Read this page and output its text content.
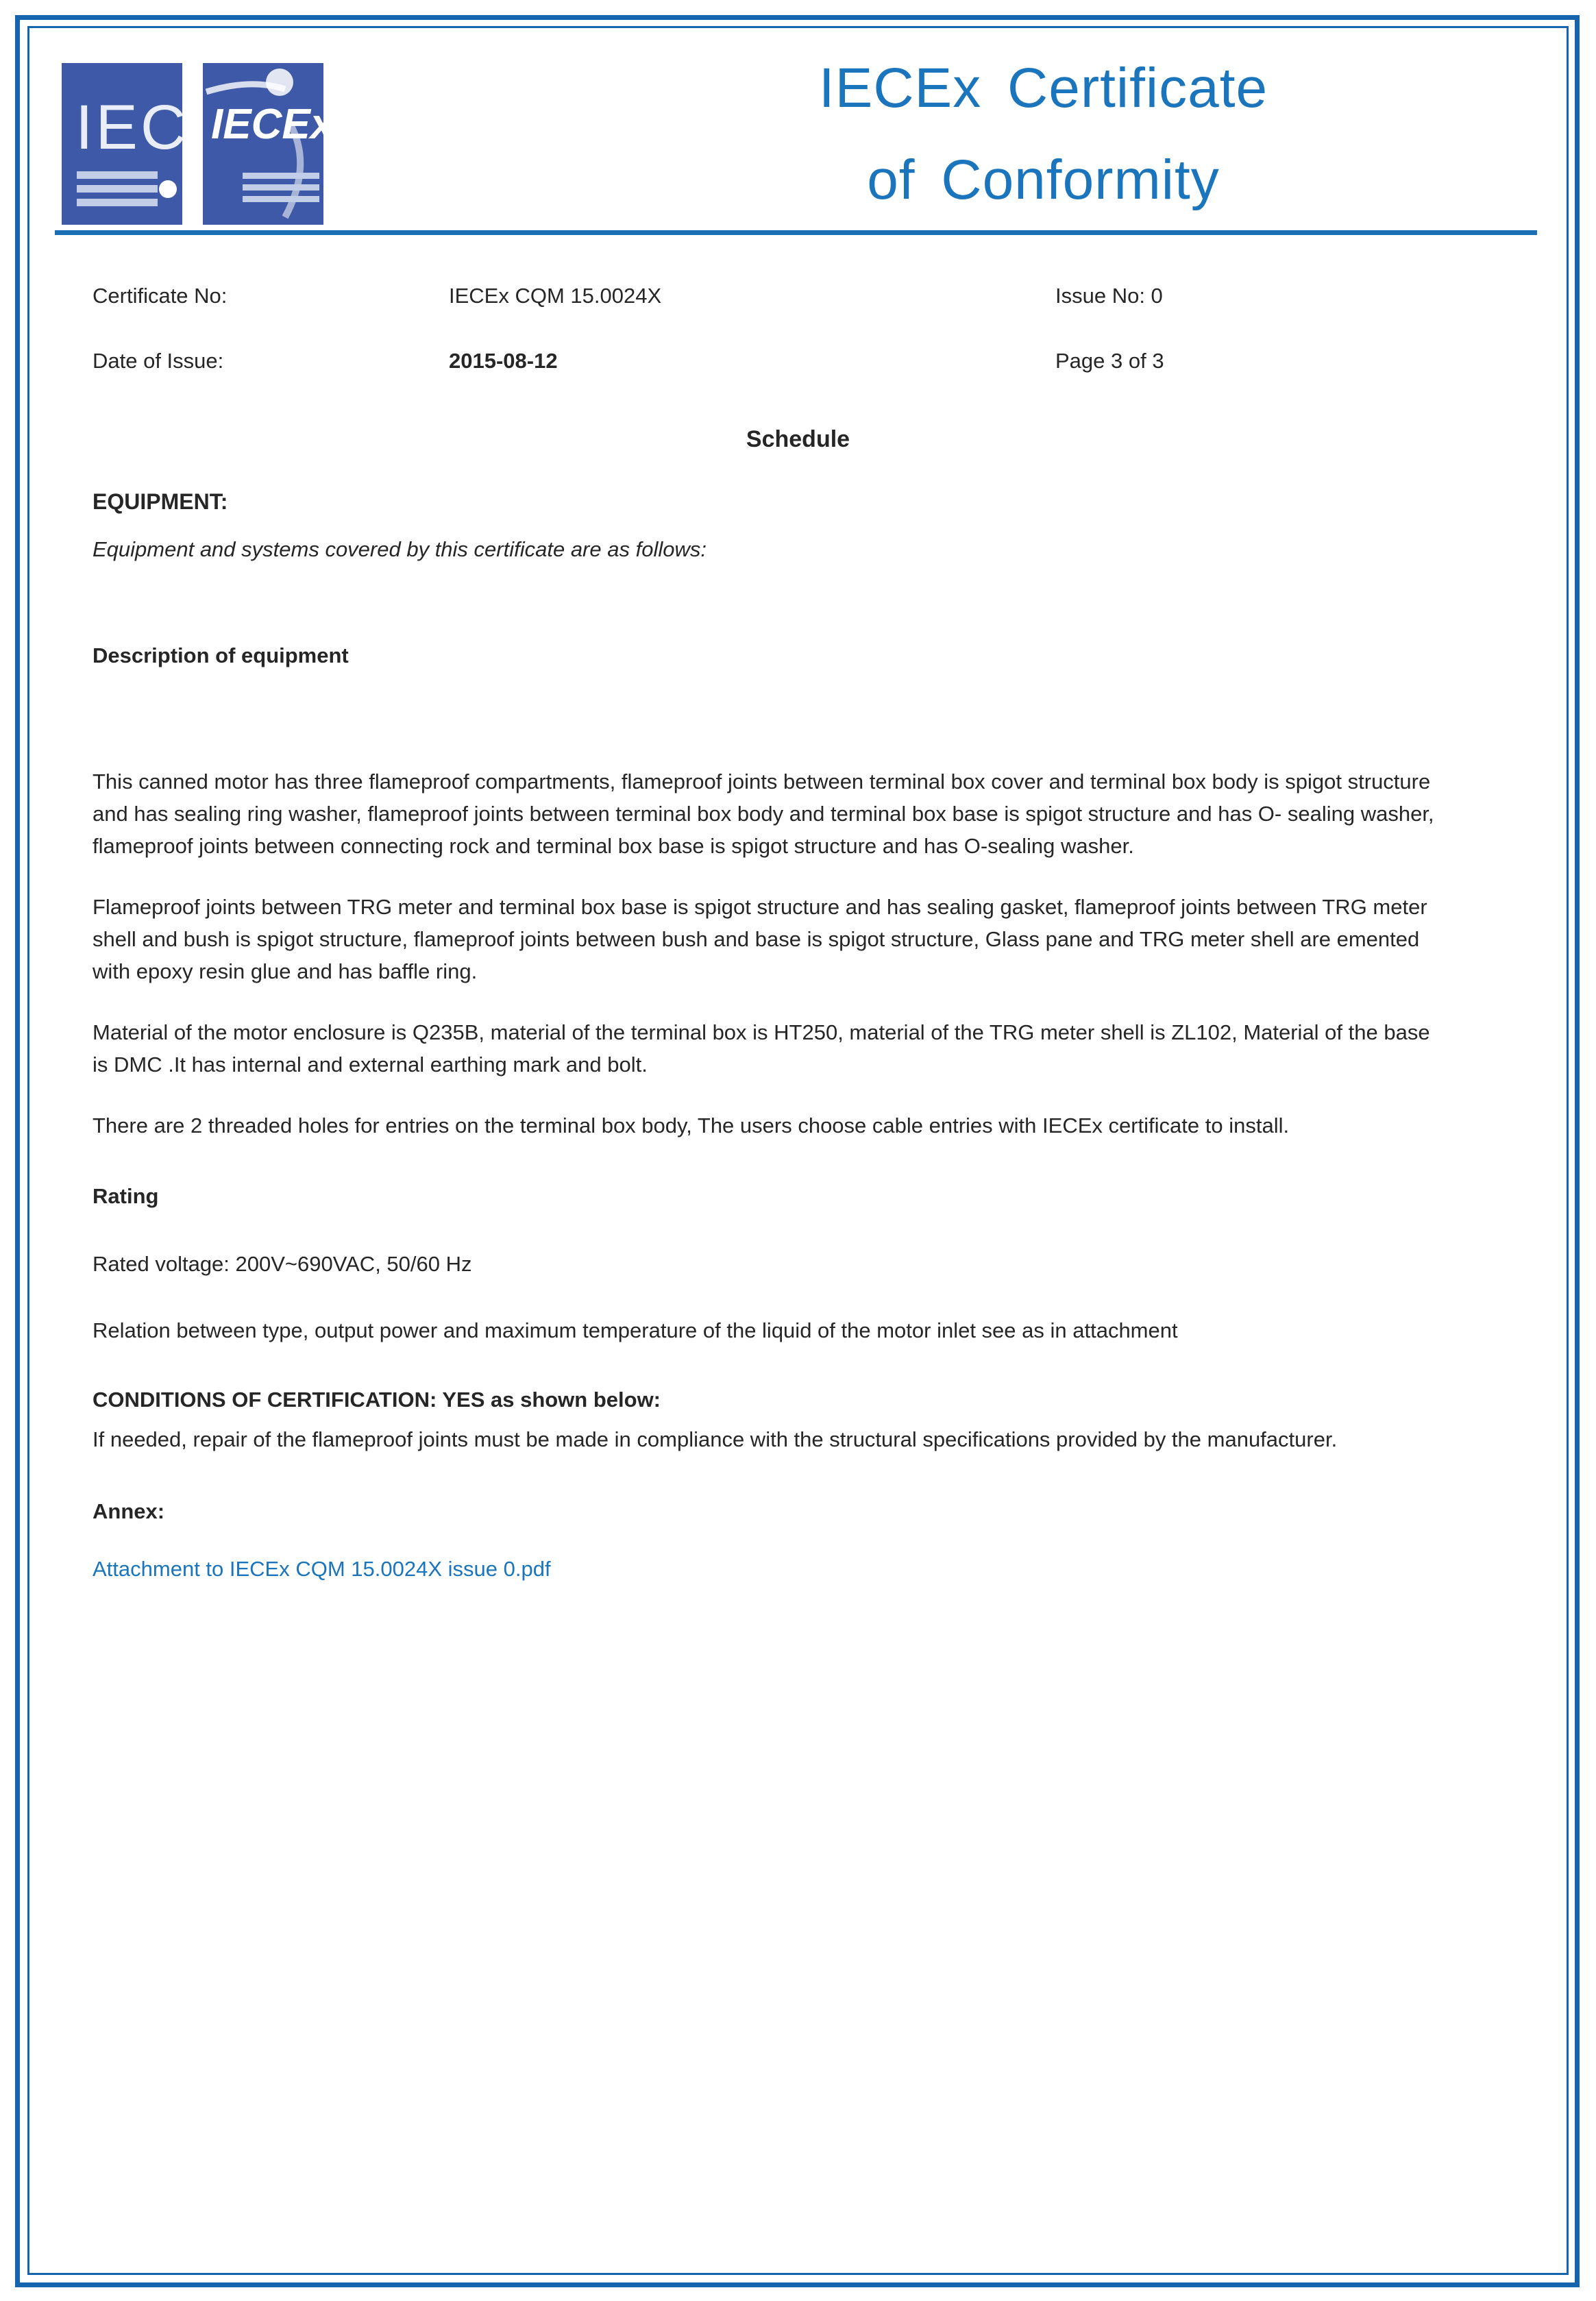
IEC IECEx
IECEx Certificate
of Conformity
Certificate No:	IECEx CQM 15.0024X	Issue No: 0
Date of Issue:	2015-08-12	Page 3 of 3
Schedule
EQUIPMENT:
Equipment and systems covered by this certificate are as follows:
Description of equipment

This canned motor has three flameproof compartments, flameproof joints between terminal box cover and terminal box body is spigot structure and has sealing ring washer, flameproof joints between terminal box body and terminal box base is spigot structure and has O- sealing washer, flameproof joints between connecting rock and terminal box base is spigot structure and has O-sealing washer.

Flameproof joints between TRG meter and terminal box base is spigot structure and has sealing gasket, flameproof joints between TRG meter shell and bush is spigot structure, flameproof joints between bush and base is spigot structure, Glass pane and TRG meter shell are emented with epoxy resin glue and has baffle ring.

Material of the motor enclosure is Q235B, material of the terminal box is HT250, material of the TRG meter shell is ZL102, Material of the base is DMC .It has internal and external earthing mark and bolt.

There are 2 threaded holes for entries on the terminal box body, The users choose cable entries with IECEx certificate to install.

Rating

Rated voltage: 200V~690VAC, 50/60 Hz

Relation between type, output power and maximum temperature of the liquid of the motor inlet see as in attachment

CONDITIONS OF CERTIFICATION: YES as shown below:

If needed, repair of the flameproof joints must be made in compliance with the structural specifications provided by the manufacturer.

Annex:
Attachment to IECEx CQM 15.0024X issue 0.pdf
